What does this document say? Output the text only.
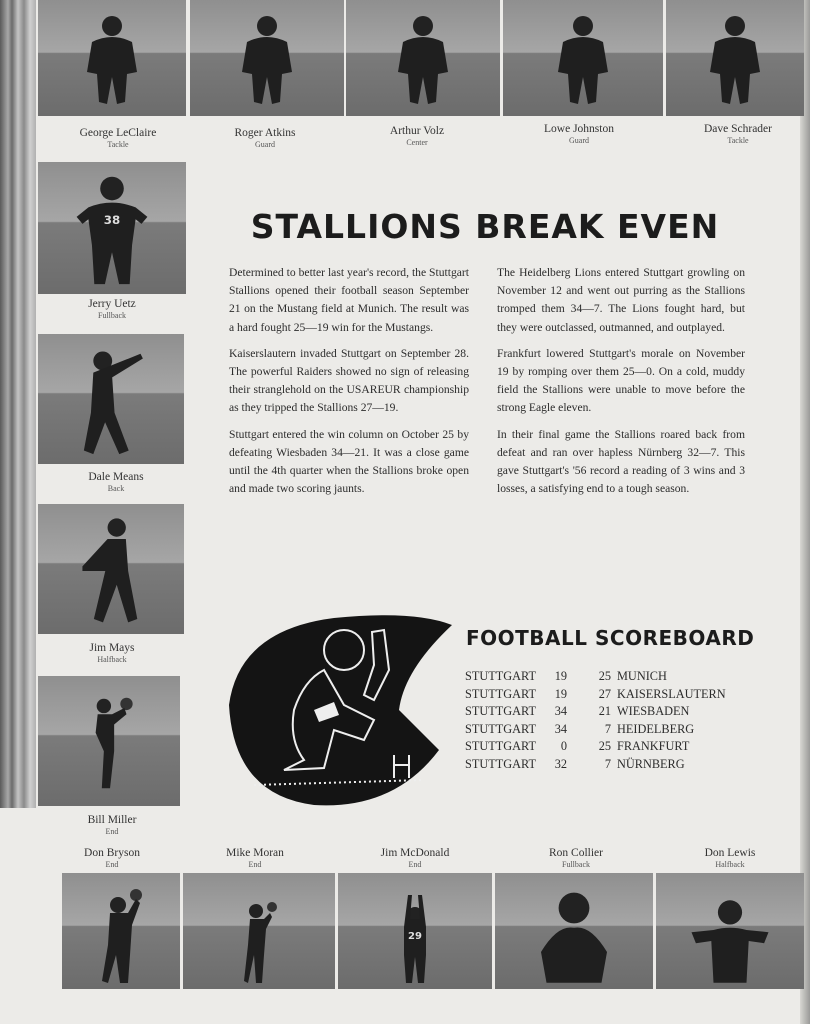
George LeClaire
Tackle
Roger Atkins
Guard
Arthur Volz
Center
Lowe Johnston
Guard
Dave Schrader
Tackle
38
Jerry Uetz
Fullback
Dale Means
Back
Jim Mays
Halfback
Bill Miller
End
STALLIONS BREAK EVEN

Determined to better last year's record, the Stuttgart Stallions opened their football season September 21 on the Mustang field at Munich. The result was a hard fought 25—19 win for the Mustangs.

Kaiserslautern invaded Stuttgart on September 28. The powerful Raiders showed no sign of releasing their stranglehold on the USAREUR championship as they tripped the Stallions 27—19.

Stuttgart entered the win column on October 25 by defeating Wiesbaden 34—21. It was a close game until the 4th quarter when the Stallions broke open and made two scoring jaunts.

The Heidelberg Lions entered Stuttgart growling on November 12 and went out purring as the Stallions tromped them 34—7. The Lions fought hard, but they were outclassed, outmanned, and outplayed.

Frankfurt lowered Stuttgart's morale on November 19 by romping over them 25—0. On a cold, muddy field the Stallions were unable to move before the strong Eagle eleven.

In their final game the Stallions roared back from defeat and ran over hapless Nürnberg 32—7. This gave Stuttgart's '56 record a reading of 3 wins and 3 losses, a satisfying end to a tough season.

FOOTBALL SCOREBOARD
STUTTGART	19	25 MUNICH
STUTTGART	19	27 KAISERSLAUTERN
STUTTGART	34	21 WIESBADEN
STUTTGART	34	7 HEIDELBERG
STUTTGART	0	25 FRANKFURT
STUTTGART	32	7 NÜRNBERG
Don Bryson
End
Mike Moran
End
Jim McDonald
End
Ron Collier
Fullback
Don Lewis
Halfback
29
